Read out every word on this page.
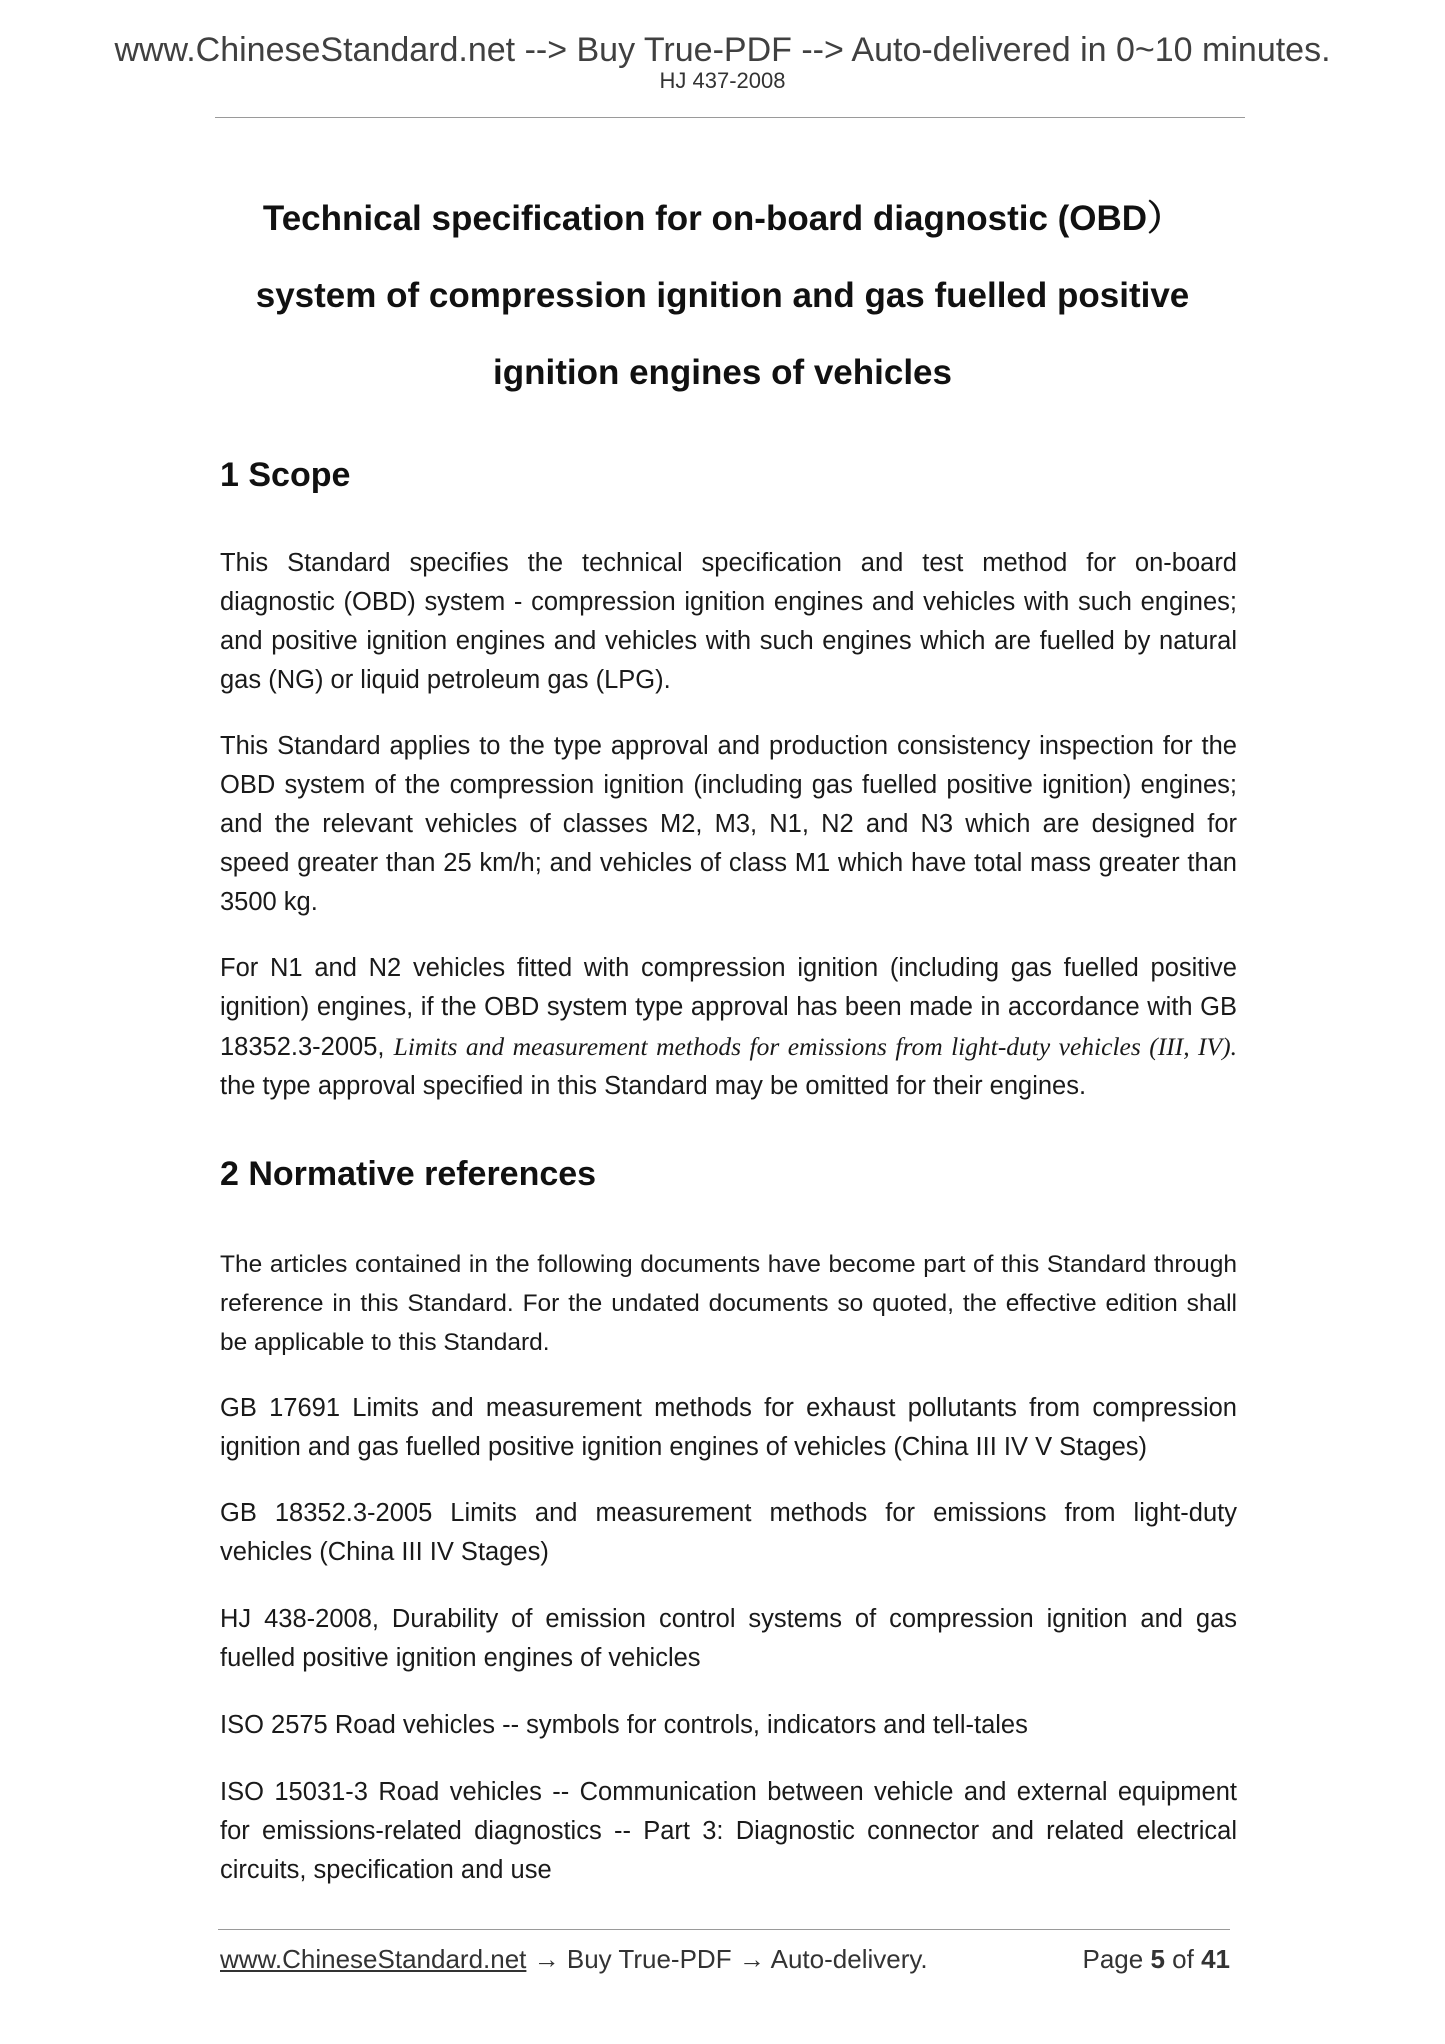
www.ChineseStandard.net --> Buy True-PDF --> Auto-delivered in 0~10 minutes.
HJ 437-2008
Technical specification for on-board diagnostic (OBD）
system of compression ignition and gas fuelled positive
ignition engines of vehicles
1 Scope
This Standard specifies the technical specification and test method for on-board diagnostic (OBD) system - compression ignition engines and vehicles with such engines; and positive ignition engines and vehicles with such engines which are fuelled by natural gas (NG) or liquid petroleum gas (LPG).
This Standard applies to the type approval and production consistency inspection for the OBD system of the compression ignition (including gas fuelled positive ignition) engines; and the relevant vehicles of classes M2, M3, N1, N2 and N3 which are designed for speed greater than 25 km/h; and vehicles of class M1 which have total mass greater than 3500 kg.
For N1 and N2 vehicles fitted with compression ignition (including gas fuelled positive ignition) engines, if the OBD system type approval has been made in accordance with GB 18352.3-2005, Limits and measurement methods for emissions from light-duty vehicles (III, IV). the type approval specified in this Standard may be omitted for their engines.
2 Normative references
The articles contained in the following documents have become part of this Standard through reference in this Standard. For the undated documents so quoted, the effective edition shall be applicable to this Standard.
GB 17691 Limits and measurement methods for exhaust pollutants from compression ignition and gas fuelled positive ignition engines of vehicles (China III IV V Stages)
GB 18352.3-2005 Limits and measurement methods for emissions from light-duty vehicles (China III IV Stages)
HJ 438-2008, Durability of emission control systems of compression ignition and gas fuelled positive ignition engines of vehicles
ISO 2575 Road vehicles -- symbols for controls, indicators and tell-tales
ISO 15031-3 Road vehicles -- Communication between vehicle and external equipment for emissions-related diagnostics -- Part 3: Diagnostic connector and related electrical circuits, specification and use
www.ChineseStandard.net → Buy True-PDF → Auto-delivery.	Page 5 of 41
